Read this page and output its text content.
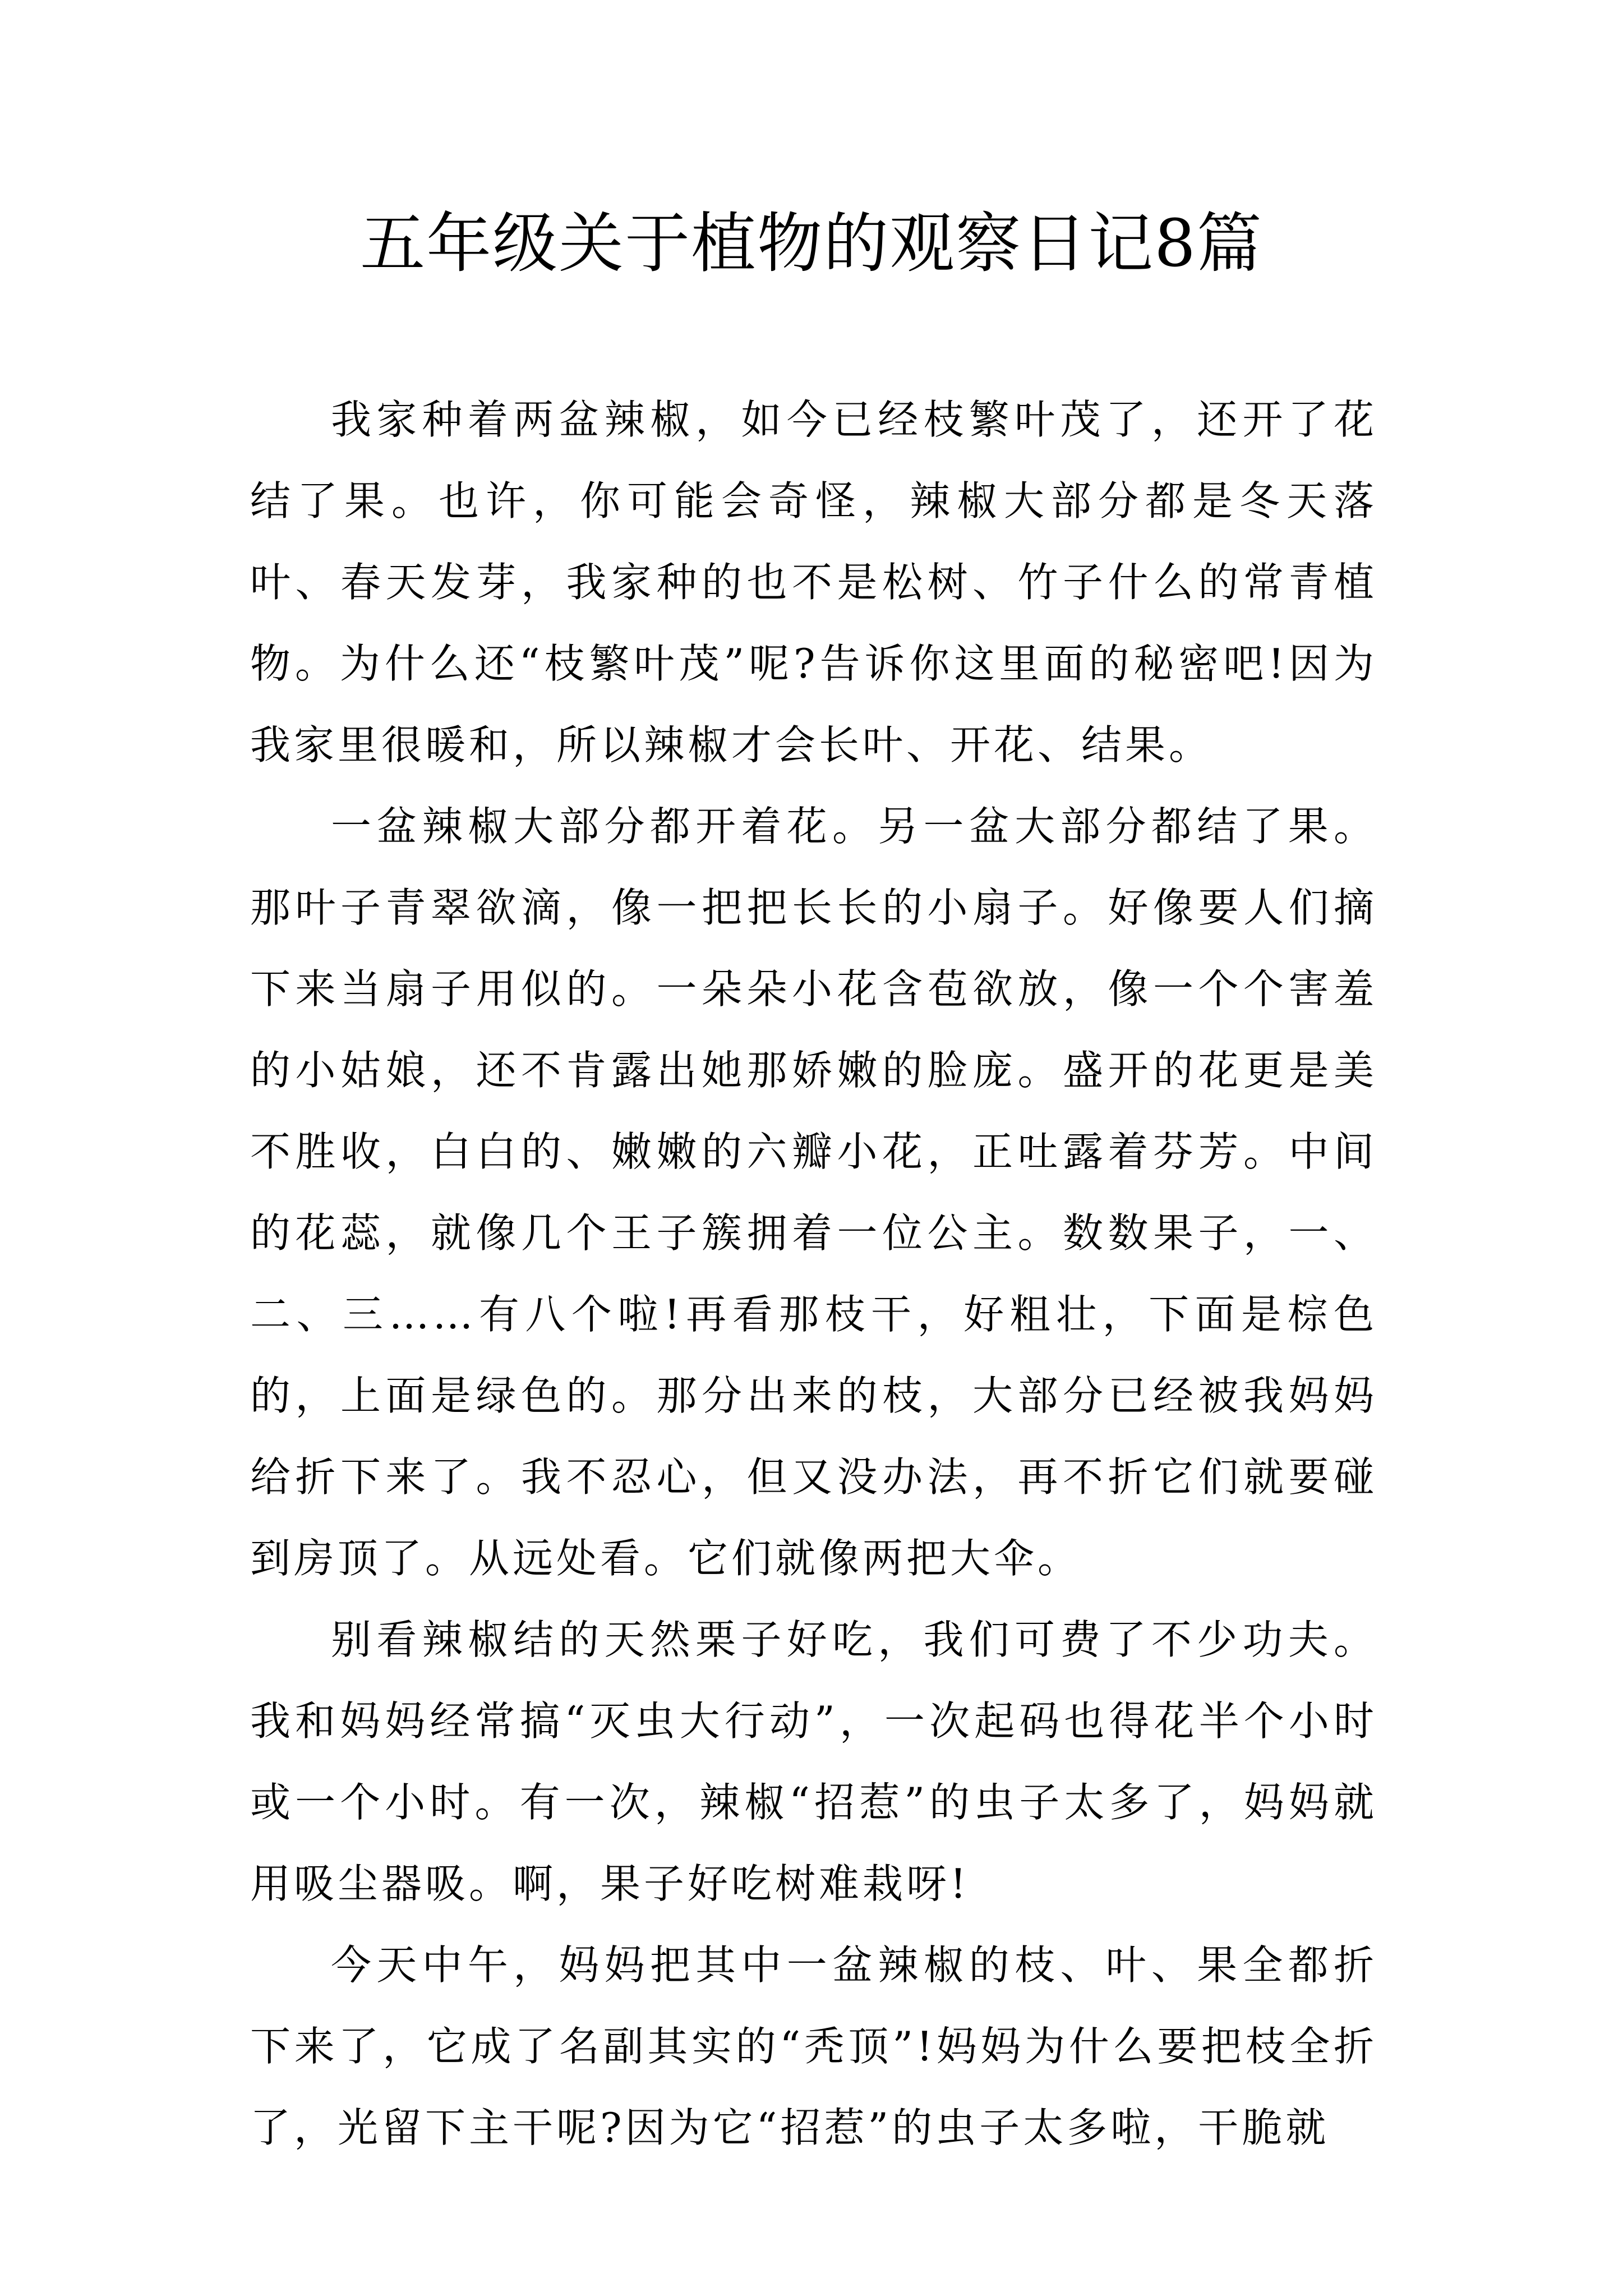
五年级关于植物的观察日记8篇

我家种着两盆辣椒，如今已经枝繁叶茂了，还开了花结了果。也许，你可能会奇怪，辣椒大部分都是冬天落叶、春天发芽，我家种的也不是松树、竹子什么的常青植物。为什么还“枝繁叶茂”呢?告诉你这里面的秘密吧!因为我家里很暖和，所以辣椒才会长叶、开花、结果。

一盆辣椒大部分都开着花。另一盆大部分都结了果。那叶子青翠欲滴，像一把把长长的小扇子。好像要人们摘下来当扇子用似的。一朵朵小花含苞欲放，像一个个害羞的小姑娘，还不肯露出她那娇嫩的脸庞。盛开的花更是美不胜收，白白的、嫩嫩的六瓣小花，正吐露着芬芳。中间的花蕊，就像几个王子簇拥着一位公主。数数果子，一、二、三……有八个啦!再看那枝干，好粗壮，下面是棕色的，上面是绿色的。那分出来的枝，大部分已经被我妈妈给折下来了。我不忍心，但又没办法，再不折它们就要碰到房顶了。从远处看。它们就像两把大伞。

别看辣椒结的天然栗子好吃，我们可费了不少功夫。我和妈妈经常搞“灭虫大行动”，一次起码也得花半个小时或一个小时。有一次，辣椒“招惹”的虫子太多了，妈妈就用吸尘器吸。啊，果子好吃树难栽呀!

今天中午，妈妈把其中一盆辣椒的枝、叶、果全都折下来了，它成了名副其实的“秃顶”!妈妈为什么要把枝全折了，光留下主干呢?因为它“招惹”的虫子太多啦，干脆就
